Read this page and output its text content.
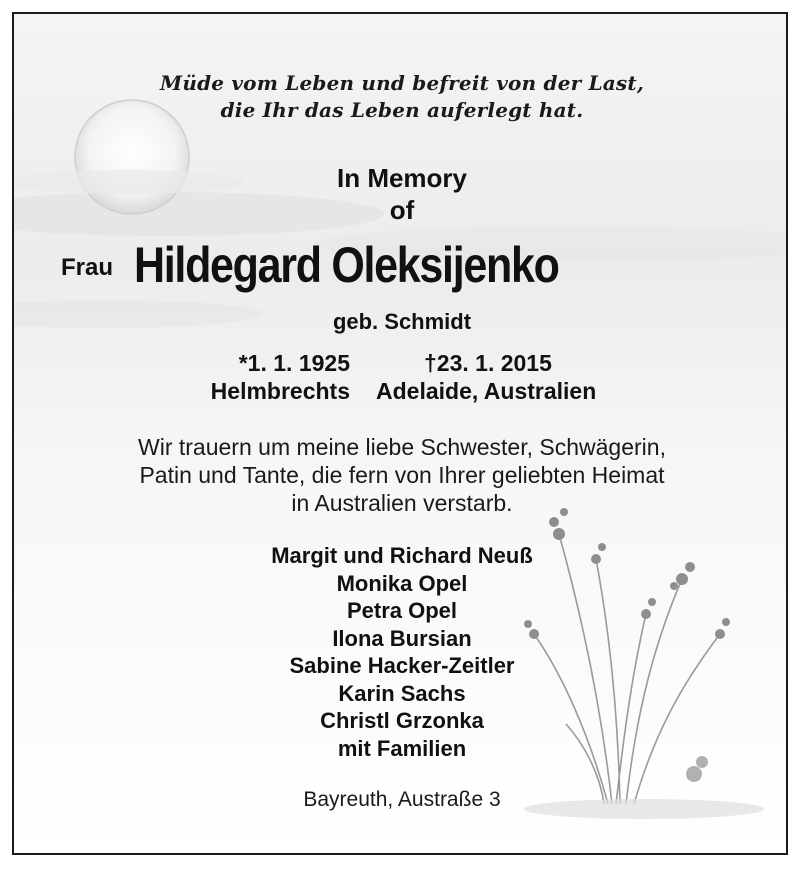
Müde vom Leben und befreit von der Last,
die Ihr das Leben auferlegt hat.
In Memory
of
Frau Hildegard Oleksijenko
geb. Schmidt
*1. 1. 1925
Helmbrechts
†23. 1. 2015
Adelaide, Australien
Wir trauern um meine liebe Schwester, Schwägerin,
Patin und Tante, die fern von Ihrer geliebten Heimat
in Australien verstarb.
Margit und Richard Neuß
Monika Opel
Petra Opel
Ilona Bursian
Sabine Hacker-Zeitler
Karin Sachs
Christl Grzonka
mit Familien
Bayreuth, Austraße 3
